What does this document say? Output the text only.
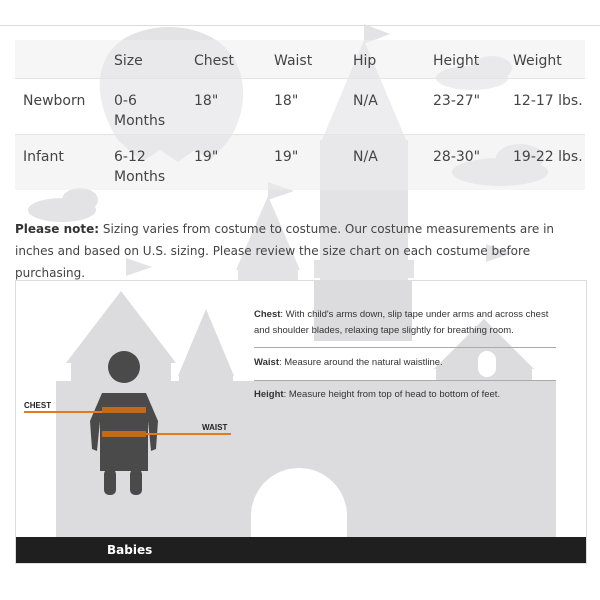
	Size	Chest	Waist	Hip	Height	Weight
Newborn	0-6 Months	18"	18"	N/A	23-27"	12-17 lbs.
Infant	6-12 Months	19"	19"	N/A	28-30"	19-22 lbs.
Please note: Sizing varies from costume to costume. Our costume measurements are in inches and based on U.S. sizing. Please review the size chart on each costume before purchasing.
CHEST
WAIST
Chest: With child's arms down, slip tape under arms and across chest and shoulder blades, relaxing tape slightly for breathing room.
Waist: Measure around the natural waistline.
Height: Measure height from top of head to bottom of feet.
Babies
